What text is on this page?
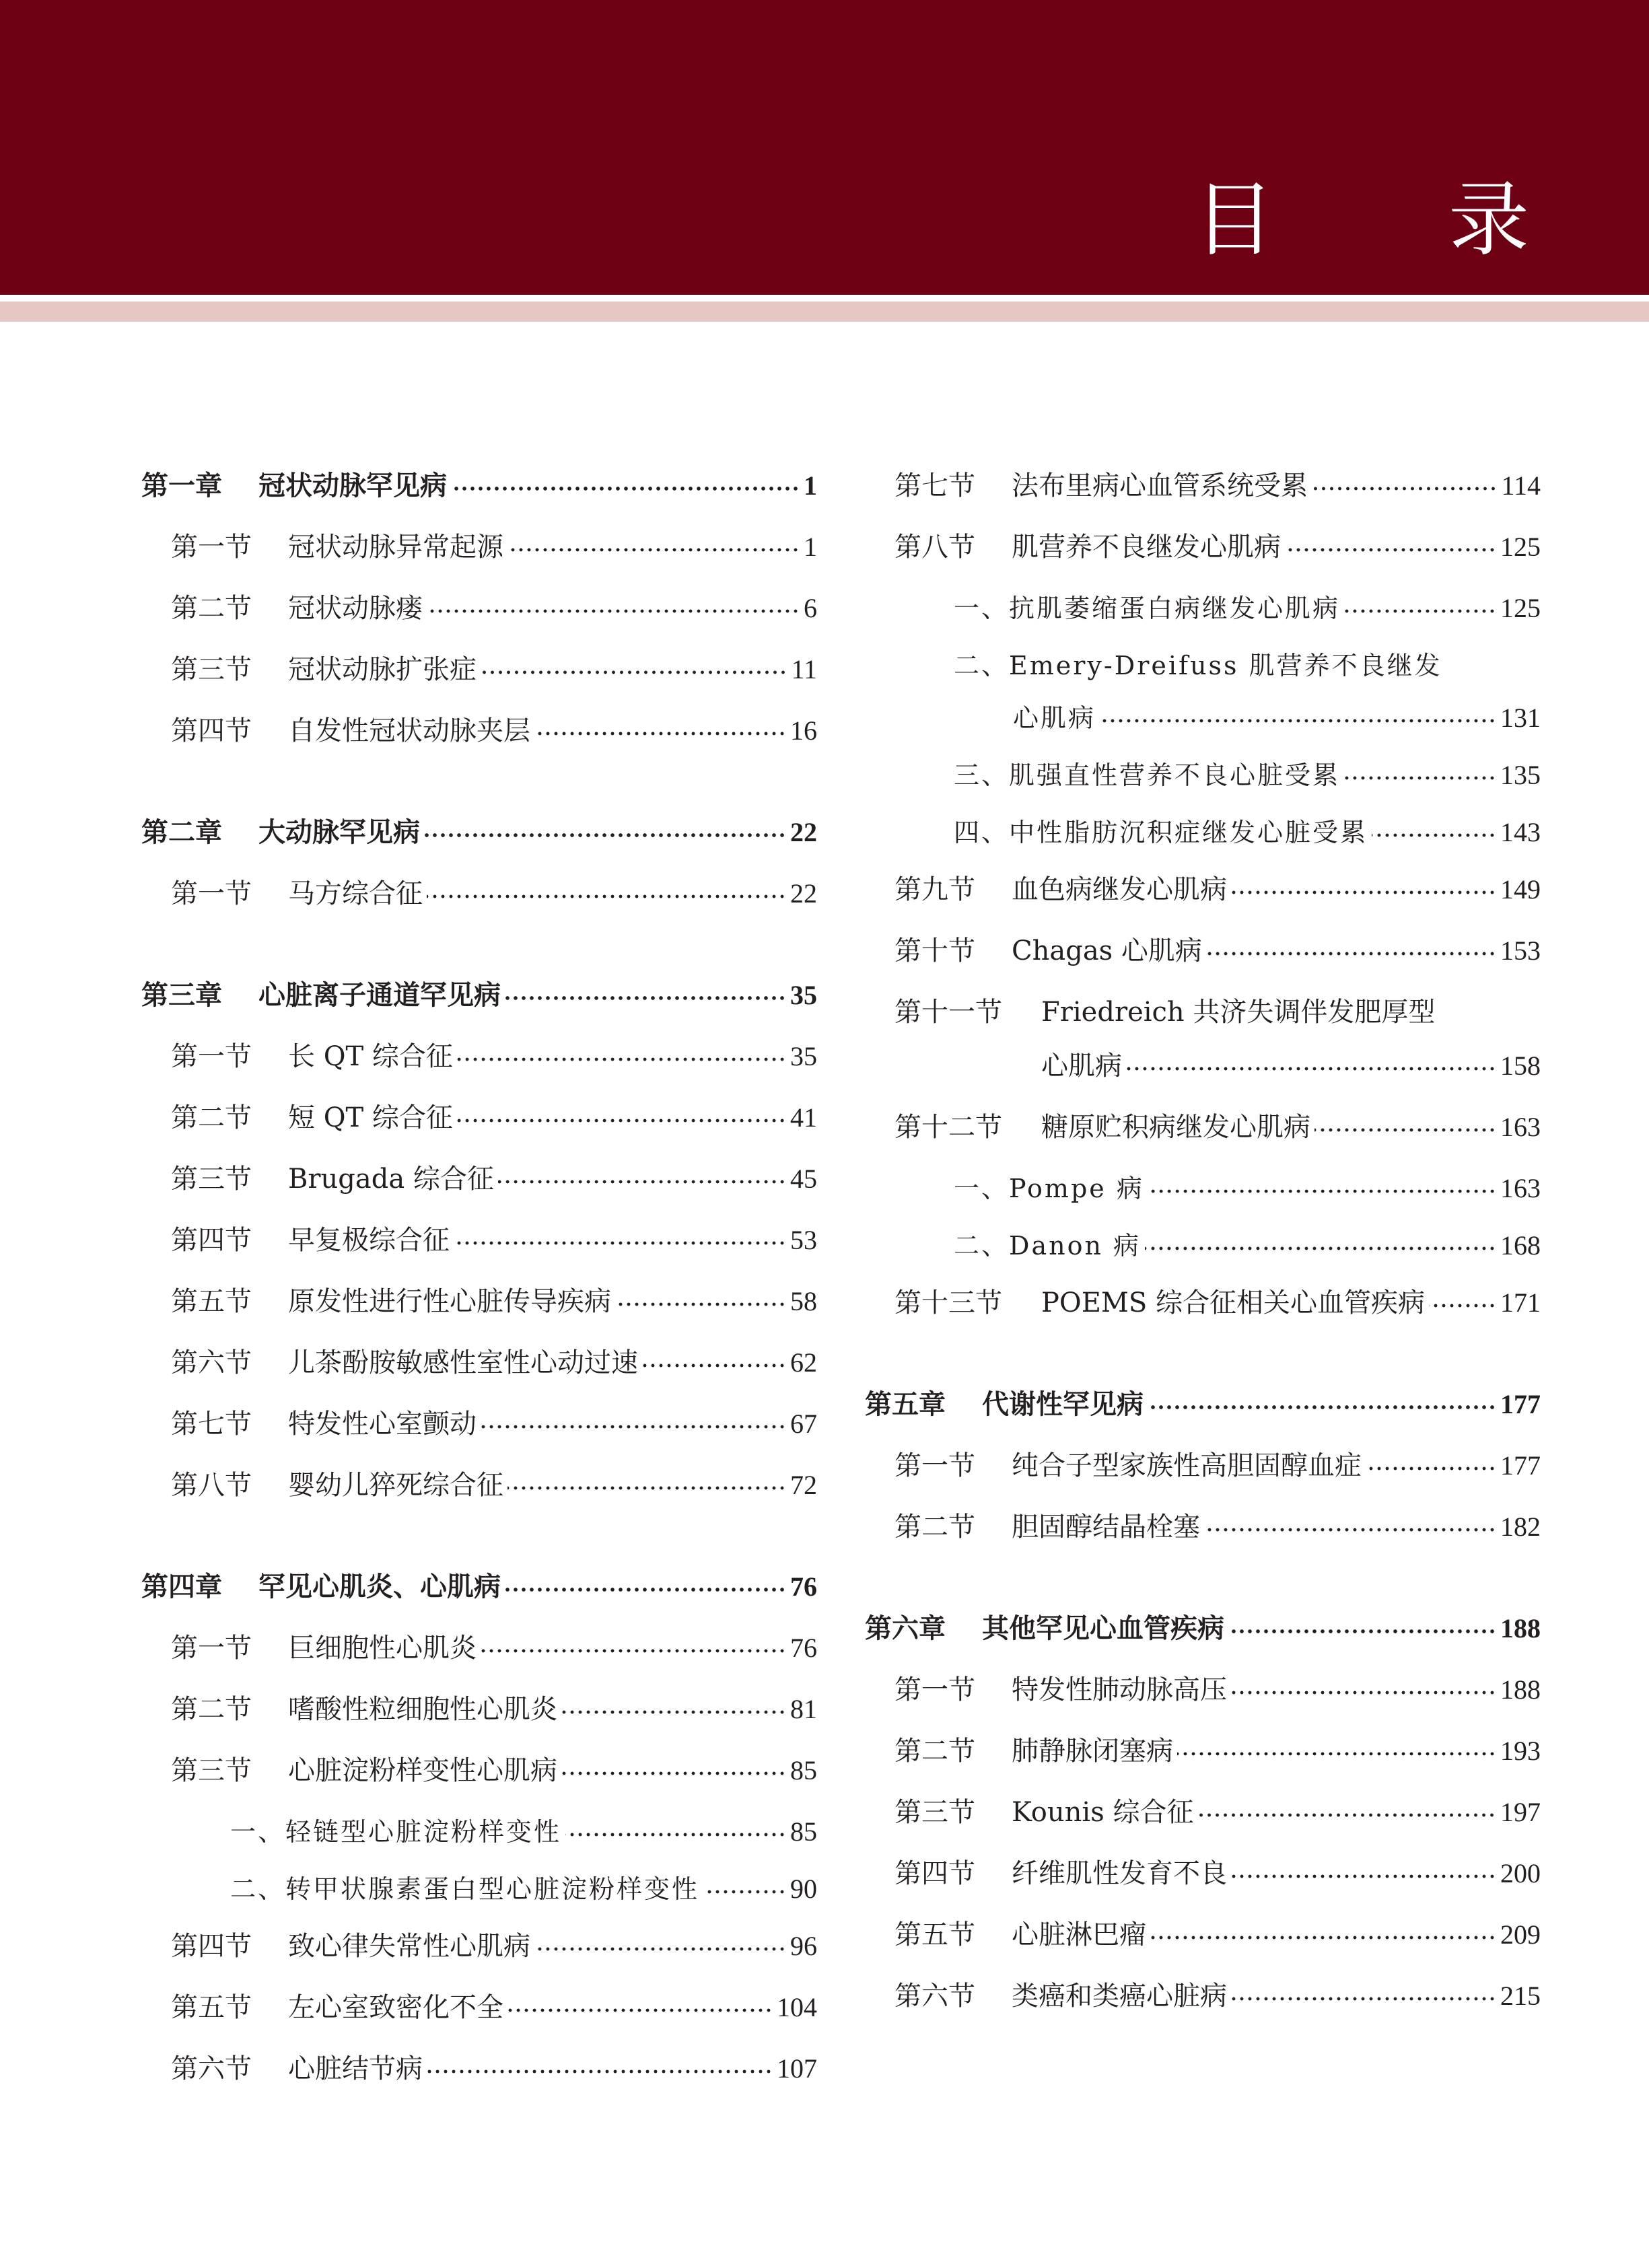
目 录
第一章	冠状动脉罕见病	1
第一节	冠状动脉异常起源	1
第二节	冠状动脉瘘	6
第三节	冠状动脉扩张症	11
第四节	自发性冠状动脉夹层	16
第二章	大动脉罕见病	22
第一节	马方综合征	22
第三章	心脏离子通道罕见病	35
第一节	长 QT 综合征	35
第二节	短 QT 综合征	41
第三节	Brugada 综合征	45
第四节	早复极综合征	53
第五节	原发性进行性心脏传导疾病	58
第六节	儿茶酚胺敏感性室性心动过速	62
第七节	特发性心室颤动	67
第八节	婴幼儿猝死综合征	72
第四章	罕见心肌炎、心肌病	76
第一节	巨细胞性心肌炎	76
第二节	嗜酸性粒细胞性心肌炎	81
第三节	心脏淀粉样变性心肌病	85
一、轻链型心脏淀粉样变性	85
二、转甲状腺素蛋白型心脏淀粉样变性	90
第四节	致心律失常性心肌病	96
第五节	左心室致密化不全	104
第六节	心脏结节病	107
第七节	法布里病心血管系统受累	114
第八节	肌营养不良继发心肌病	125
一、抗肌萎缩蛋白病继发心肌病	125
二、Emery-Dreifuss 肌营养不良继发
心肌病	131
三、肌强直性营养不良心脏受累	135
四、中性脂肪沉积症继发心脏受累	143
第九节	血色病继发心肌病	149
第十节	Chagas 心肌病	153
第十一节	Friedreich 共济失调伴发肥厚型
心肌病	158
第十二节	糖原贮积病继发心肌病	163
一、Pompe 病	163
二、Danon 病	168
第十三节	POEMS 综合征相关心血管疾病	171
第五章	代谢性罕见病	177
第一节	纯合子型家族性高胆固醇血症	177
第二节	胆固醇结晶栓塞	182
第六章	其他罕见心血管疾病	188
第一节	特发性肺动脉高压	188
第二节	肺静脉闭塞病	193
第三节	Kounis 综合征	197
第四节	纤维肌性发育不良	200
第五节	心脏淋巴瘤	209
第六节	类癌和类癌心脏病	215
